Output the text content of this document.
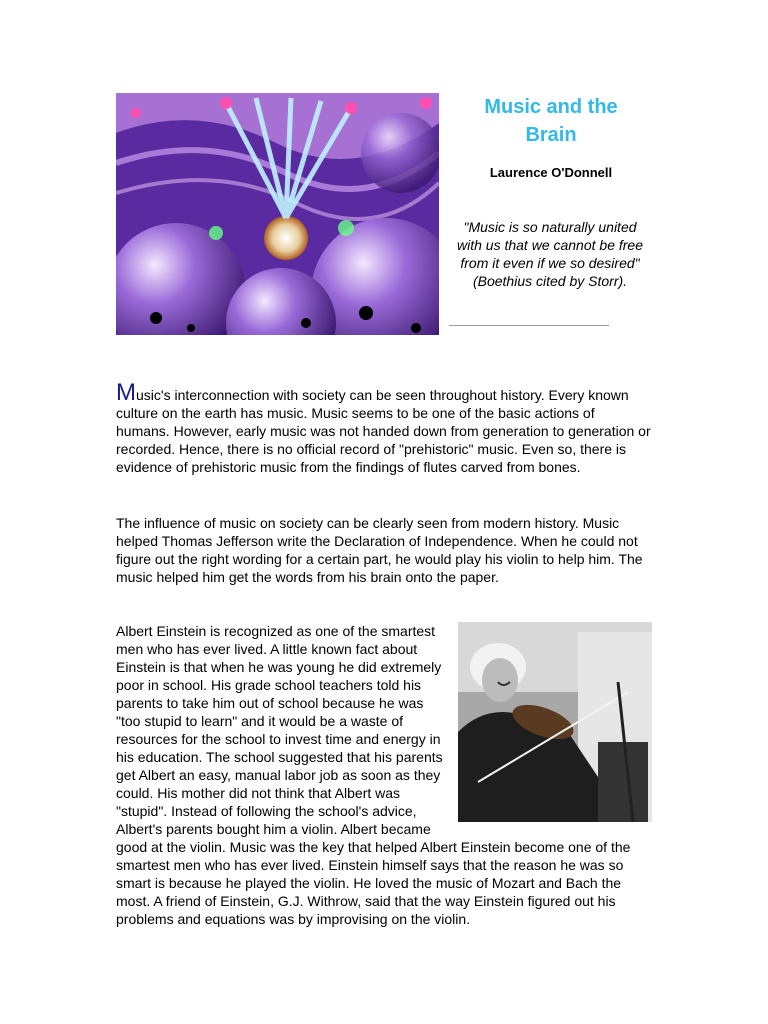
Music and the Brain
Laurence O'Donnell
"Music is so naturally united with us that we cannot be free from it even if we so desired" (Boethius cited by Storr).

Music's interconnection with society can be seen throughout history. Every known culture on the earth has music. Music seems to be one of the basic actions of humans. However, early music was not handed down from generation to generation or recorded. Hence, there is no official record of "prehistoric" music. Even so, there is evidence of prehistoric music from the findings of flutes carved from bones.

The influence of music on society can be clearly seen from modern history. Music helped Thomas Jefferson write the Declaration of Independence. When he could not figure out the right wording for a certain part, he would play his violin to help him. The music helped him get the words from his brain onto the paper.

Albert Einstein is recognized as one of the smartest men who has ever lived. A little known fact about Einstein is that when he was young he did extremely poor in school. His grade school teachers told his parents to take him out of school because he was "too stupid to learn" and it would be a waste of resources for the school to invest time and energy in his education. The school suggested that his parents get Albert an easy, manual labor job as soon as they could. His mother did not think that Albert was "stupid". Instead of following the school's advice, Albert's parents bought him a violin. Albert became good at the violin. Music was the key that helped Albert Einstein become one of the smartest men who has ever lived. Einstein himself says that the reason he was so smart is because he played the violin. He loved the music of Mozart and Bach the most. A friend of Einstein, G.J. Withrow, said that the way Einstein figured out his problems and equations was by improvising on the violin.
